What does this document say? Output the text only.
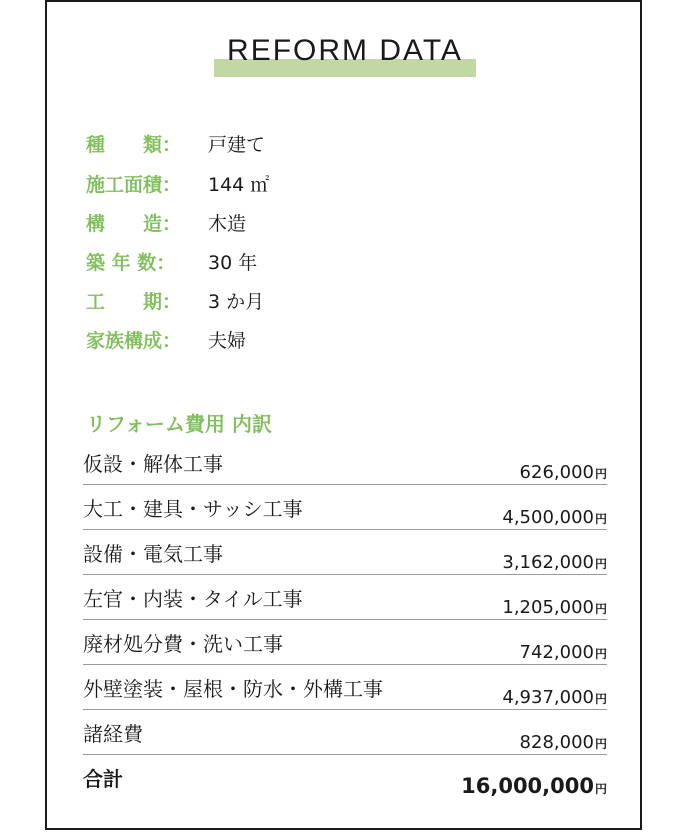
REFORM DATA
種　　類：	戸建て
施工面積：	144 ㎡
構　　造：	木造
築 年 数：	30 年
工　　期：	3 か月
家族構成：	夫婦
リフォーム費用 内訳
仮設・解体工事	626,000円
大工・建具・サッシ工事	4,500,000円
設備・電気工事	3,162,000円
左官・内装・タイル工事	1,205,000円
廃材処分費・洗い工事	742,000円
外壁塗装・屋根・防水・外構工事	4,937,000円
諸経費	828,000円
合計	16,000,000円
